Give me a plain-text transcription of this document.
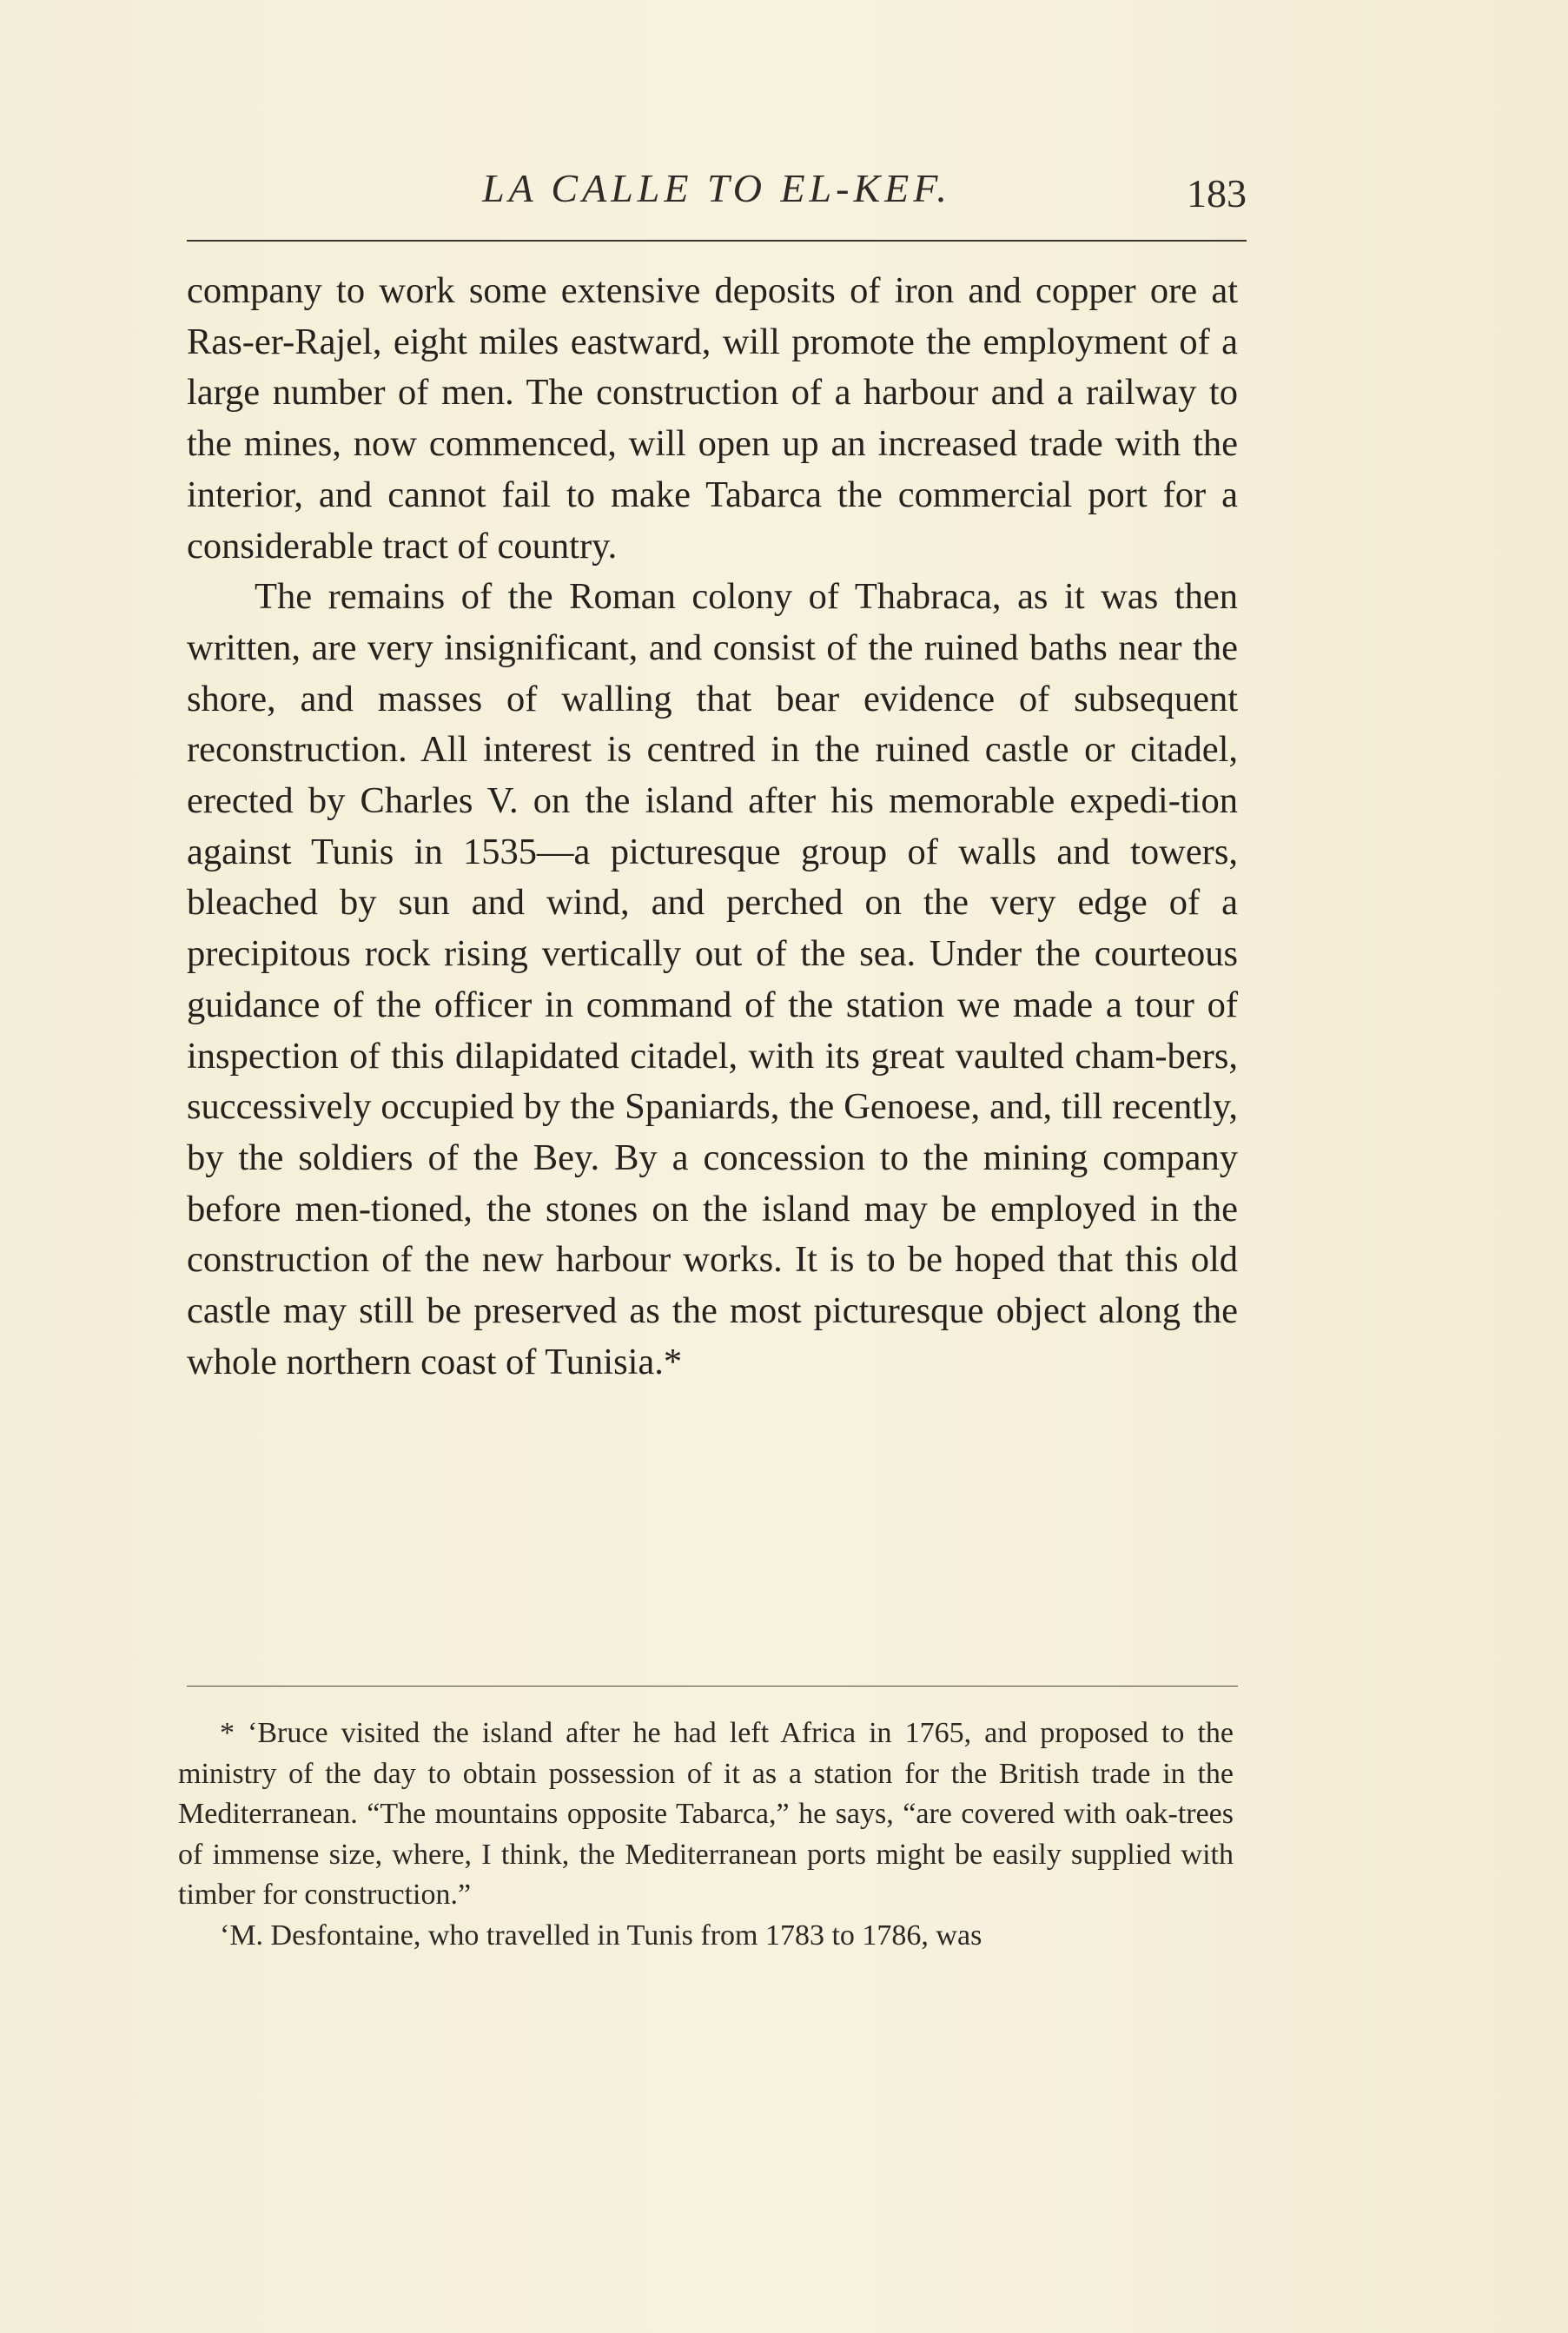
LA CALLE TO EL-KEF.	183

company to work some extensive deposits of iron and copper ore at Ras-er-Rajel, eight miles eastward, will promote the employment of a large number of men. The construction of a harbour and a railway to the mines, now commenced, will open up an increased trade with the interior, and cannot fail to make Tabarca the commercial port for a considerable tract of country.

The remains of the Roman colony of Thabraca, as it was then written, are very insignificant, and consist of the ruined baths near the shore, and masses of walling that bear evidence of subsequent reconstruction. All interest is centred in the ruined castle or citadel, erected by Charles V. on the island after his memorable expedi-tion against Tunis in 1535—a picturesque group of walls and towers, bleached by sun and wind, and perched on the very edge of a precipitous rock rising vertically out of the sea. Under the courteous guidance of the officer in command of the station we made a tour of inspection of this dilapidated citadel, with its great vaulted cham-bers, successively occupied by the Spaniards, the Genoese, and, till recently, by the soldiers of the Bey. By a concession to the mining company before men-tioned, the stones on the island may be employed in the construction of the new harbour works. It is to be hoped that this old castle may still be preserved as the most picturesque object along the whole northern coast of Tunisia.*

* ‘Bruce visited the island after he had left Africa in 1765, and proposed to the ministry of the day to obtain possession of it as a station for the British trade in the Mediterranean. “The mountains opposite Tabarca,” he says, “are covered with oak-trees of immense size, where, I think, the Mediterranean ports might be easily supplied with timber for construction.”

‘M. Desfontaine, who travelled in Tunis from 1783 to 1786, was
